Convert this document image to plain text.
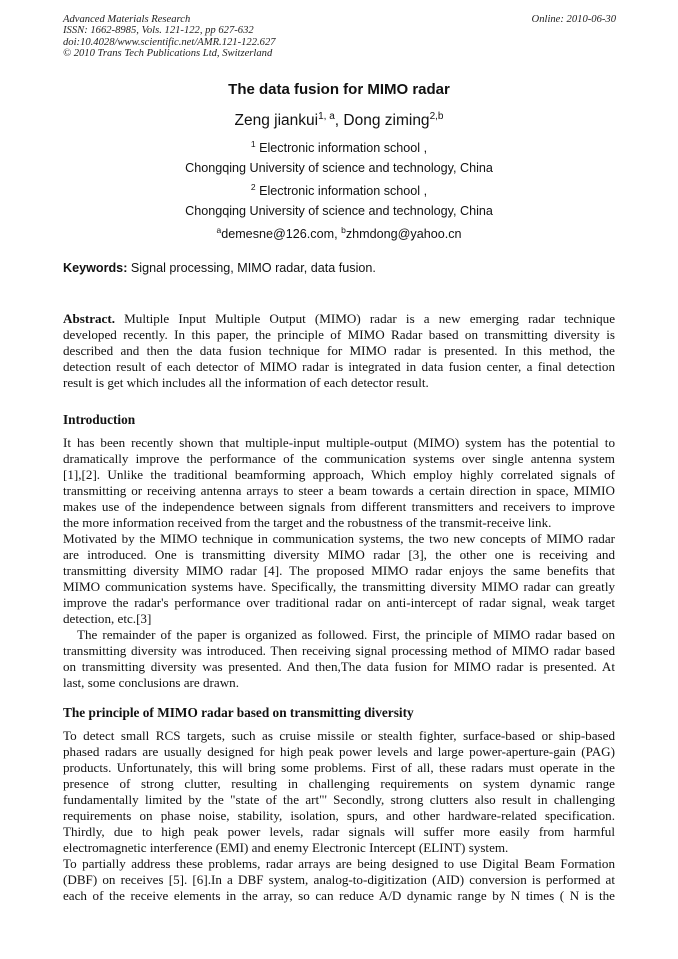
Advanced Materials Research
ISSN: 1662-8985, Vols. 121-122, pp 627-632
doi:10.4028/www.scientific.net/AMR.121-122.627
© 2010 Trans Tech Publications Ltd, Switzerland
Online: 2010-06-30
The data fusion for MIMO radar
Zeng jiankui$^{1, a}$, Dong ziming$^{2,b}$
$^1$ Electronic information school ,
Chongqing University of science and technology, China
$^2$ Electronic information school ,
Chongqing University of science and technology, China
$^a$demesne@126.com, $^b$zhmdong@yahoo.cn
Keywords: Signal processing, MIMO radar, data fusion.
Abstract. Multiple Input Multiple Output (MIMO) radar is a new emerging radar technique
developed recently. In this paper, the principle of MIMO Radar based on transmitting diversity is
described and then the data fusion technique for MIMO radar is presented. In this method, the
detection result of each detector of MIMO radar is integrated in data fusion center, a final detection
result is get which includes all the information of each detector result.
Introduction
It has been recently shown that multiple-input multiple-output (MIMO) system has the potential to
dramatically improve the performance of the communication systems over single antenna system
[1],[2]. Unlike the traditional beamforming approach, Which employ highly correlated signals of
transmitting or receiving antenna arrays to steer a beam towards a certain direction in space, MIMIO
makes use of the independence between signals from different transmitters and receivers to improve
the more information received from the target and the robustness of the transmit-receive link.
Motivated by the MIMO technique in communication systems, the two new concepts of MIMO radar
are introduced. One is transmitting diversity MIMO radar [3], the other one is receiving and
transmitting diversity MIMO radar [4]. The proposed MIMO radar enjoys the same benefits that
MIMO communication systems have. Specifically, the transmitting diversity MIMO radar can greatly
improve the radar's performance over traditional radar on anti-intercept of radar signal, weak target
detection, etc.[3]
The remainder of the paper is organized as followed. First, the principle of MIMO radar based on
transmitting diversity was introduced. Then receiving signal processing method of MIMO radar based
on transmitting diversity was presented. And then,The data fusion for MIMO radar is presented. At
last, some conclusions are drawn.
The principle of MIMO radar based on transmitting diversity
To detect small RCS targets, such as cruise missile or stealth fighter, surface-based or ship-based
phased radars are usually designed for high peak power levels and large power-aperture-gain (PAG)
products. Unfortunately, this will bring some problems. First of all, these radars must operate in the
presence of strong clutter, resulting in challenging requirements on system dynamic range
fundamentally limited by the "state of the art"' Secondly, strong clutters also result in challenging
requirements on phase noise, stability, isolation, spurs, and other hardware-related specification.
Thirdly, due to high peak power levels, radar signals will suffer more easily from harmful
electromagnetic interference (EMI) and enemy Electronic Intercept (ELINT) system.
To partially address these problems, radar arrays are being designed to use Digital Beam Formation
(DBF) on receives [5]. [6].In a DBF system, analog-to-digitization (AID) conversion is performed at
each of the receive elements in the array, so can reduce A/D dynamic range by N times ( N is the
